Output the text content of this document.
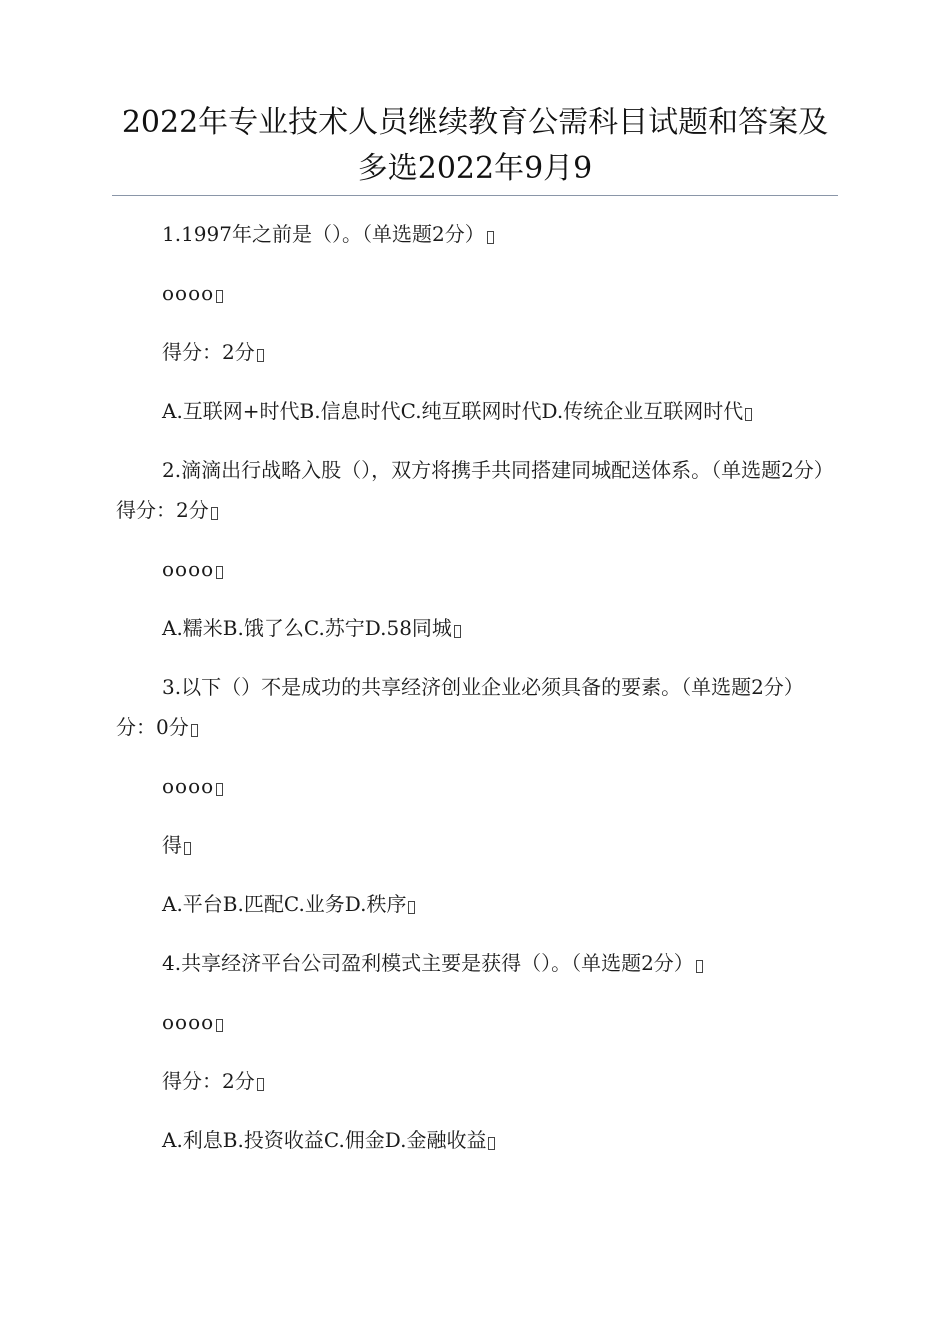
2022年专业技术人员继续教育公需科目试题和答案及多选2022年9月9

1.1997年之前是（）。（单选题2分）

oooo

得分：2分

A.互联网+时代B.信息时代C.纯互联网时代D.传统企业互联网时代

2.滴滴出行战略入股（），双方将携手共同搭建同城配送体系。（单选题2分）得分：2分

oooo

A.糯米B.饿了么C.苏宁D.58同城

3.以下（）不是成功的共享经济创业企业必须具备的要素。（单选题2分）分：0分

oooo

得

A.平台B.匹配C.业务D.秩序

4.共享经济平台公司盈利模式主要是获得（）。（单选题2分）

oooo

得分：2分

A.利息B.投资收益C.佣金D.金融收益
